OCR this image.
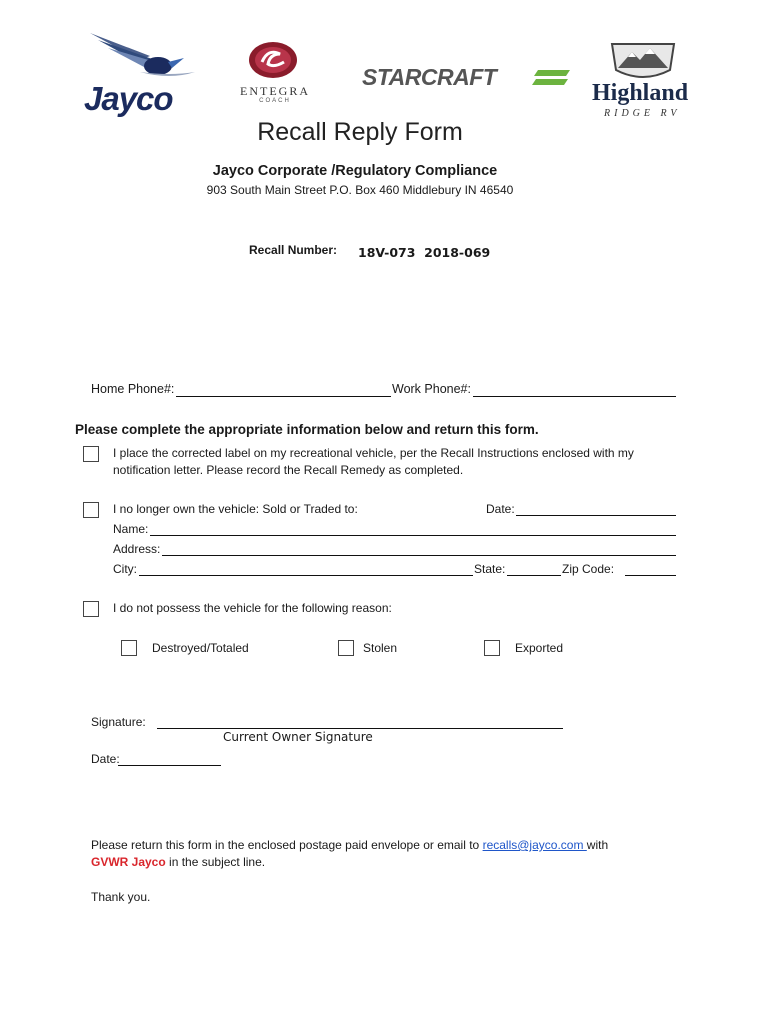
Jayco	ENTEGRA
COACH
STARCRAFT
Highland
RIDGE RV
Recall Reply Form
Jayco Corporate /Regulatory Compliance
903 South Main Street P.O. Box 460 Middlebury IN 46540
Recall Number: 18V-073  2018-069
Home Phone#:	Work Phone#:
Please complete the appropriate information below and return this form.
I place the corrected label on my recreational vehicle, per the Recall Instructions enclosed with my
notification letter. Please record the Recall Remedy as completed.
I no longer own the vehicle: Sold or Traded to:	Date:
Name:
Address:
City:	State:	Zip Code:
I do not possess the vehicle for the following reason:
Destroyed/Totaled	Stolen	Exported
Signature:
Current Owner Signature
Date:
Please return this form in the enclosed postage paid envelope or email to recalls@jayco.com with
GVWR Jayco in the subject line.
Thank you.
